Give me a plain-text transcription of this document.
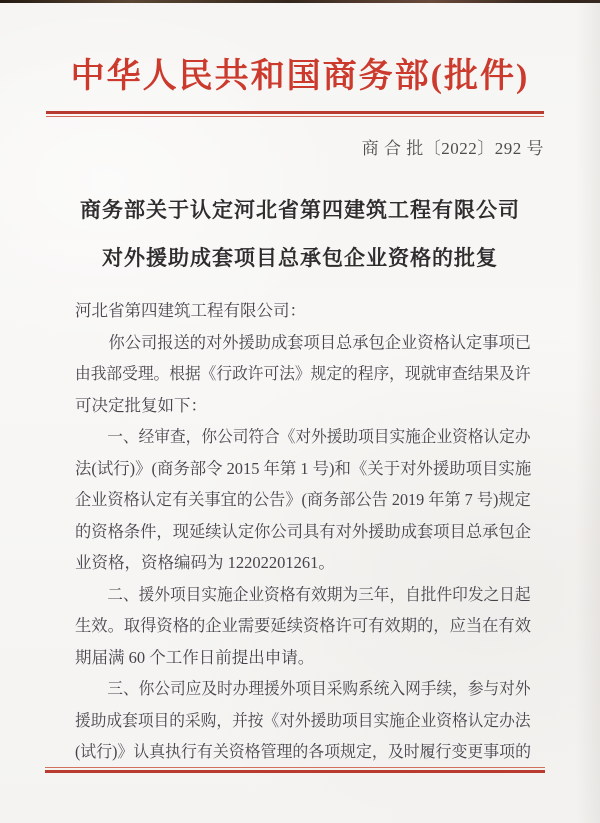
中华人民共和国商务部(批件)
商 合 批〔2022〕292 号
商务部关于认定河北省第四建筑工程有限公司
对外援助成套项目总承包企业资格的批复
河北省第四建筑工程有限公司：
你公司报送的对外援助成套项目总承包企业资格认定事项已
由我部受理。根据《行政许可法》规定的程序，现就审查结果及许
可决定批复如下：
一、经审查，你公司符合《对外援助项目实施企业资格认定办
法(试行)》(商务部令 2015 年第 1 号)和《关于对外援助项目实施
企业资格认定有关事宜的公告》(商务部公告 2019 年第 7 号)规定
的资格条件，现延续认定你公司具有对外援助成套项目总承包企
业资格，资格编码为 12202201261。
二、援外项目实施企业资格有效期为三年，自批件印发之日起
生效。取得资格的企业需要延续资格许可有效期的，应当在有效
期届满 60 个工作日前提出申请。
三、你公司应及时办理援外项目采购系统入网手续，参与对外
援助成套项目的采购，并按《对外援助项目实施企业资格认定办法
(试行)》认真执行有关资格管理的各项规定，及时履行变更事项的
